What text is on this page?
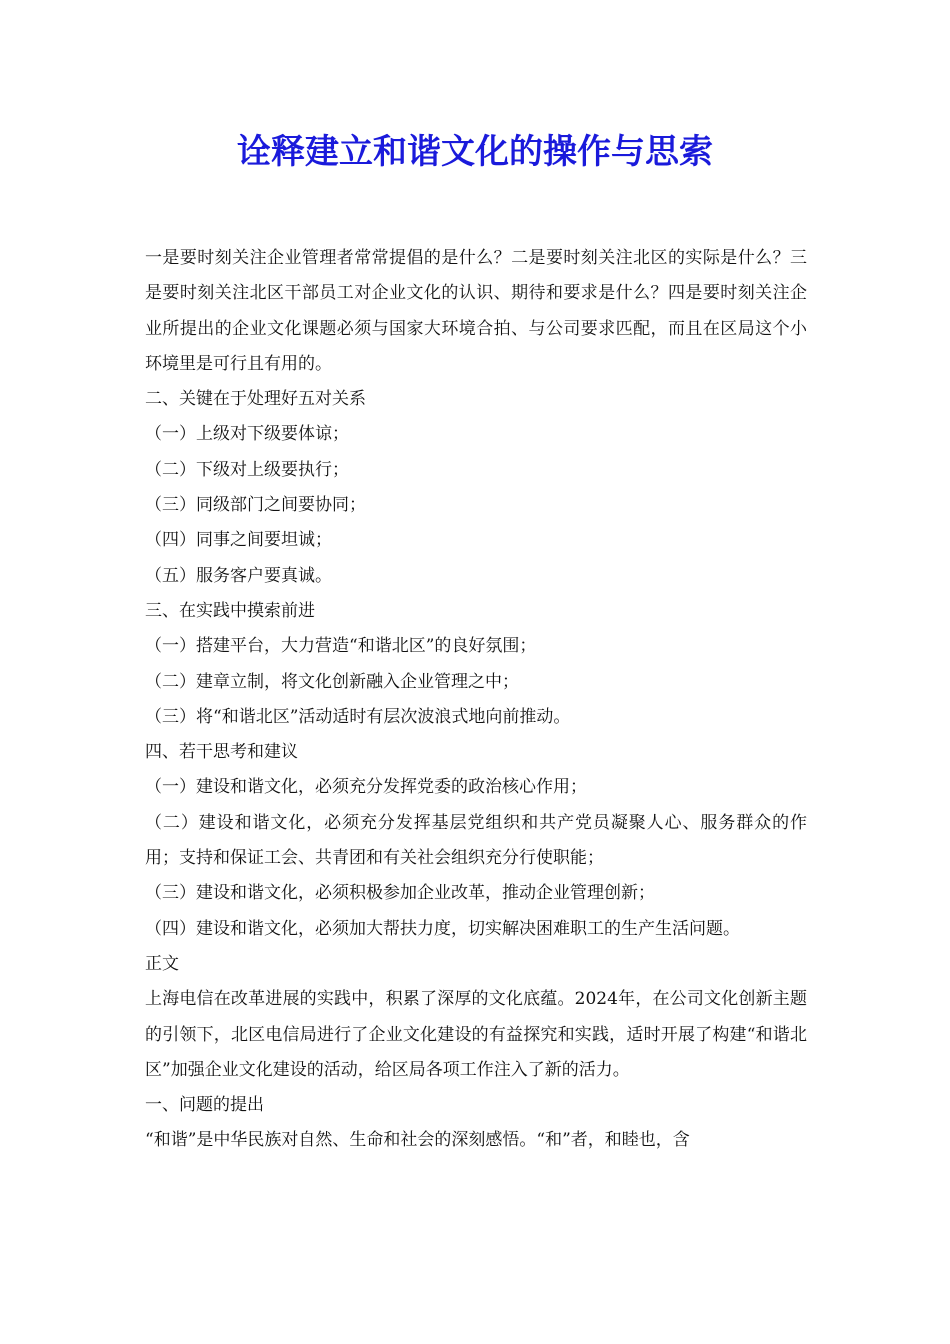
诠释建立和谐文化的操作与思索

一是要时刻关注企业管理者常常提倡的是什么？二是要时刻关注北区的实际是什么？三是要时刻关注北区干部员工对企业文化的认识、期待和要求是什么？四是要时刻关注企业所提出的企业文化课题必须与国家大环境合拍、与公司要求匹配，而且在区局这个小环境里是可行且有用的。

二、关键在于处理好五对关系

（一）上级对下级要体谅；

（二）下级对上级要执行；

（三）同级部门之间要协同；

（四）同事之间要坦诚；

（五）服务客户要真诚。

三、在实践中摸索前进

（一）搭建平台，大力营造“和谐北区”的良好氛围；

（二）建章立制，将文化创新融入企业管理之中；

（三）将“和谐北区”活动适时有层次波浪式地向前推动。

四、若干思考和建议

（一）建设和谐文化，必须充分发挥党委的政治核心作用；

（二）建设和谐文化，必须充分发挥基层党组织和共产党员凝聚人心、服务群众的作用；支持和保证工会、共青团和有关社会组织充分行使职能；

（三）建设和谐文化，必须积极参加企业改革，推动企业管理创新；

（四）建设和谐文化，必须加大帮扶力度，切实解决困难职工的生产生活问题。

正文

上海电信在改革进展的实践中，积累了深厚的文化底蕴。2024年，在公司文化创新主题的引领下，北区电信局进行了企业文化建设的有益探究和实践，适时开展了构建“和谐北区”加强企业文化建设的活动，给区局各项工作注入了新的活力。

一、问题的提出

“和谐”是中华民族对自然、生命和社会的深刻感悟。“和”者，和睦也，含
